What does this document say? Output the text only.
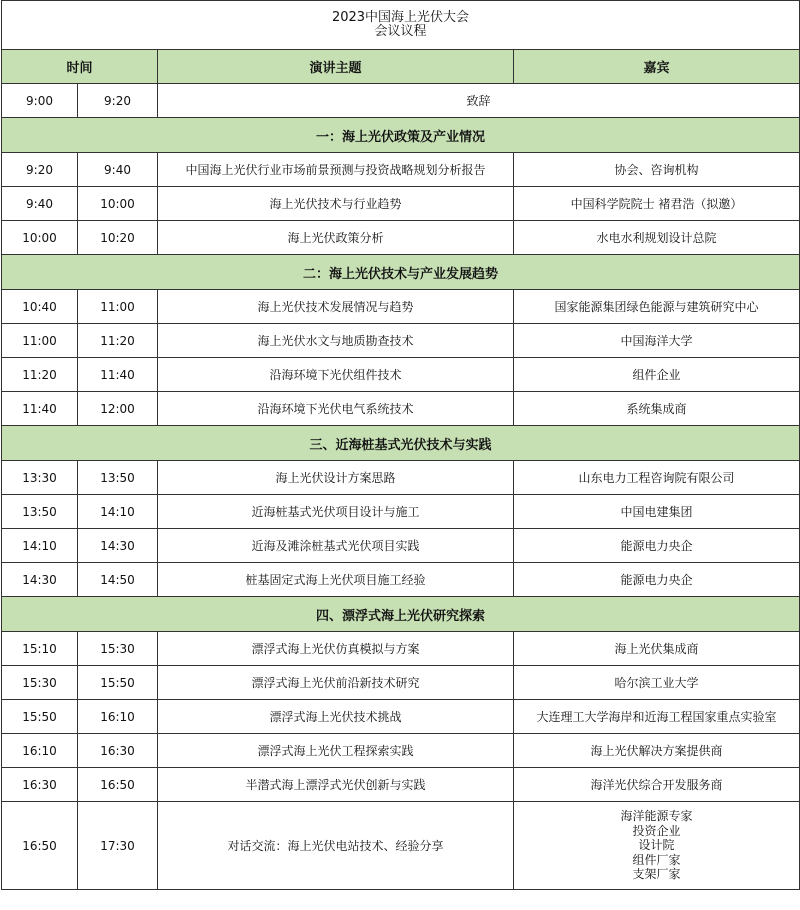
2023中国海上光伏大会
会议议程			

时间		演讲主题	嘉宾
9:00	9:20	致辞	
一：海上光伏政策及产业情况			
9:20	9:40	中国海上光伏行业市场前景预测与投资战略规划分析报告	协会、咨询机构
9:40	10:00	海上光伏技术与行业趋势	中国科学院院士 褚君浩（拟邀）
10:00	10:20	海上光伏政策分析	水电水利规划设计总院
二：海上光伏技术与产业发展趋势			
10:40	11:00	海上光伏技术发展情况与趋势	国家能源集团绿色能源与建筑研究中心
11:00	11:20	海上光伏水文与地质勘查技术	中国海洋大学
11:20	11:40	沿海环境下光伏组件技术	组件企业
11:40	12:00	沿海环境下光伏电气系统技术	系统集成商
三、近海桩基式光伏技术与实践			
13:30	13:50	海上光伏设计方案思路	山东电力工程咨询院有限公司
13:50	14:10	近海桩基式光伏项目设计与施工	中国电建集团
14:10	14:30	近海及滩涂桩基式光伏项目实践	能源电力央企
14:30	14:50	桩基固定式海上光伏项目施工经验	能源电力央企
四、漂浮式海上光伏研究探索			
15:10	15:30	漂浮式海上光伏仿真模拟与方案	海上光伏集成商
15:30	15:50	漂浮式海上光伏前沿新技术研究	哈尔滨工业大学
15:50	16:10	漂浮式海上光伏技术挑战	大连理工大学海岸和近海工程国家重点实验室
16:10	16:30	漂浮式海上光伏工程探索实践	海上光伏解决方案提供商
16:30	16:50	半潜式海上漂浮式光伏创新与实践	海洋光伏综合开发服务商
16:50	17:30	对话交流：海上光伏电站技术、经验分享	海洋能源专家
投资企业
设计院
组件厂家
支架厂家
